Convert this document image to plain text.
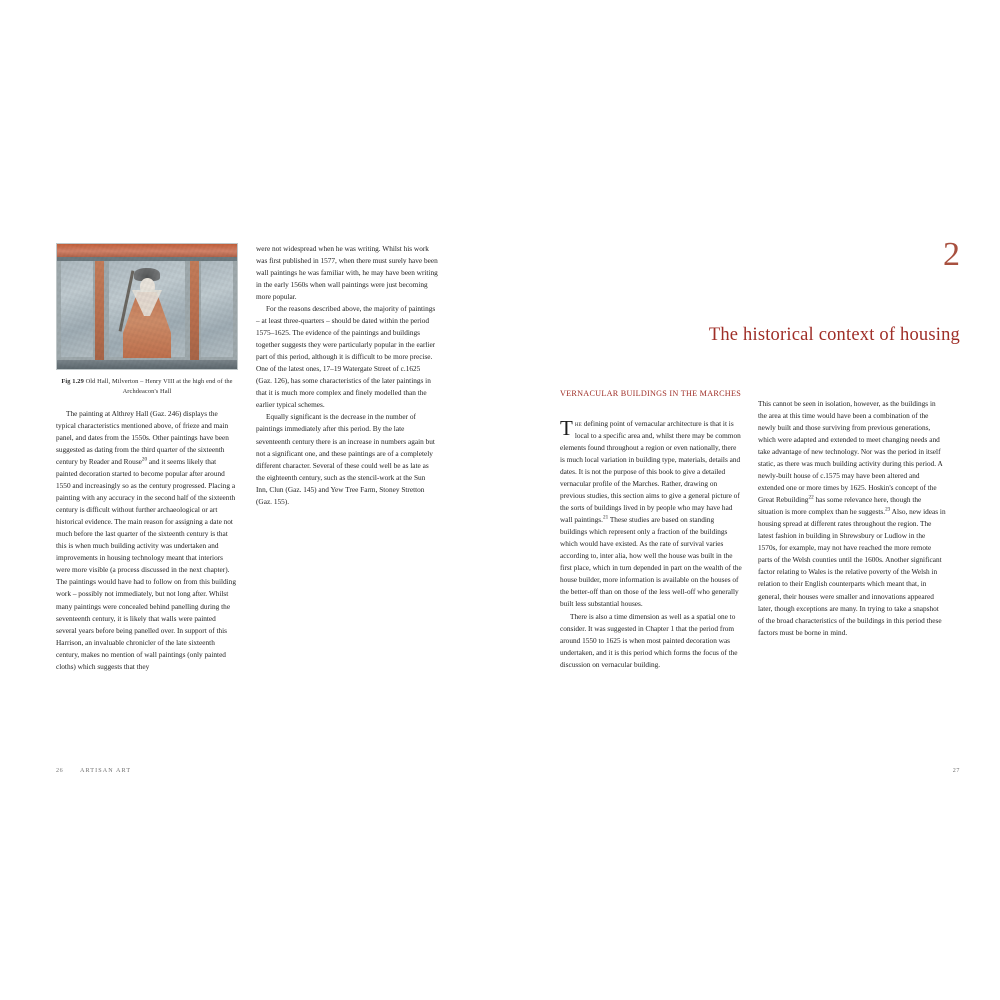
Fig 1.29 Old Hall, Milverton – Henry VIII at the high end of the Archdeacon's Hall

The painting at Althrey Hall (Gaz. 246) displays the typical characteristics mentioned above, of frieze and main panel, and dates from the 1550s. Other paintings have been suggested as dating from the third quarter of the sixteenth century by Reader and Rouse$^{20}$ and it seems likely that painted decoration started to become popular after around 1550 and increasingly so as the century progressed. Placing a painting with any accuracy in the second half of the sixteenth century is difficult without further archaeological or art historical evidence. The main reason for assigning a date not much before the last quarter of the sixteenth century is that this is when much building activity was undertaken and improvements in housing technology meant that interiors were more visible (a process discussed in the next chapter). The paintings would have had to follow on from this building work – possibly not immediately, but not long after. Whilst many paintings were concealed behind panelling during the seventeenth century, it is likely that walls were painted several years before being panelled over. In support of this Harrison, an invaluable chronicler of the late sixteenth century, makes no mention of wall paintings (only painted cloths) which suggests that they

were not widespread when he was writing. Whilst his work was first published in 1577, when there must surely have been wall paintings he was familiar with, he may have been writing in the early 1560s when wall paintings were just becoming more popular.

For the reasons described above, the majority of paintings – at least three-quarters – should be dated within the period 1575–1625. The evidence of the paintings and buildings together suggests they were particularly popular in the earlier part of this period, although it is difficult to be more precise. One of the latest ones, 17–19 Watergate Street of c.1625 (Gaz. 126), has some characteristics of the later paintings in that it is much more complex and finely modelled than the earlier typical schemes.

Equally significant is the decrease in the number of paintings immediately after this period. By the late seventeenth century there is an increase in numbers again but not a significant one, and these paintings are of a completely different character. Several of these could well be as late as the eighteenth century, such as the stencil-work at the Sun Inn, Clun (Gaz. 145) and Yew Tree Farm, Stoney Stretton (Gaz. 155).

26	ARTISAN ART
2
The historical context of housing
VERNACULAR BUILDINGS IN THE MARCHES

The defining point of vernacular architecture is that it is local to a specific area and, whilst there may be common elements found throughout a region or even nationally, there is much local variation in building type, materials, details and dates. It is not the purpose of this book to give a detailed vernacular profile of the Marches. Rather, drawing on previous studies, this section aims to give a general picture of the sorts of buildings lived in by people who may have had wall paintings.$^{21}$ These studies are based on standing buildings which represent only a fraction of the buildings which would have existed. As the rate of survival varies according to, inter alia, how well the house was built in the first place, which in turn depended in part on the wealth of the house builder, more information is available on the houses of the better-off than on those of the less well-off who generally built less substantial houses.

There is also a time dimension as well as a spatial one to consider. It was suggested in Chapter 1 that the period from around 1550 to 1625 is when most painted decoration was undertaken, and it is this period which forms the focus of the discussion on vernacular building.

This cannot be seen in isolation, however, as the buildings in the area at this time would have been a combination of the newly built and those surviving from previous generations, which were adapted and extended to meet changing needs and take advantage of new technology. Nor was the period in itself static, as there was much building activity during this period. A newly-built house of c.1575 may have been altered and extended one or more times by 1625. Hoskin's concept of the Great Rebuilding$^{22}$ has some relevance here, though the situation is more complex than he suggests.$^{23}$ Also, new ideas in housing spread at different rates throughout the region. The latest fashion in building in Shrewsbury or Ludlow in the 1570s, for example, may not have reached the more remote parts of the Welsh counties until the 1600s. Another significant factor relating to Wales is the relative poverty of the Welsh in relation to their English counterparts which meant that, in general, their houses were smaller and innovations appeared later, though exceptions are many. In trying to take a snapshot of the broad characteristics of the buildings in this period these factors must be borne in mind.

27
